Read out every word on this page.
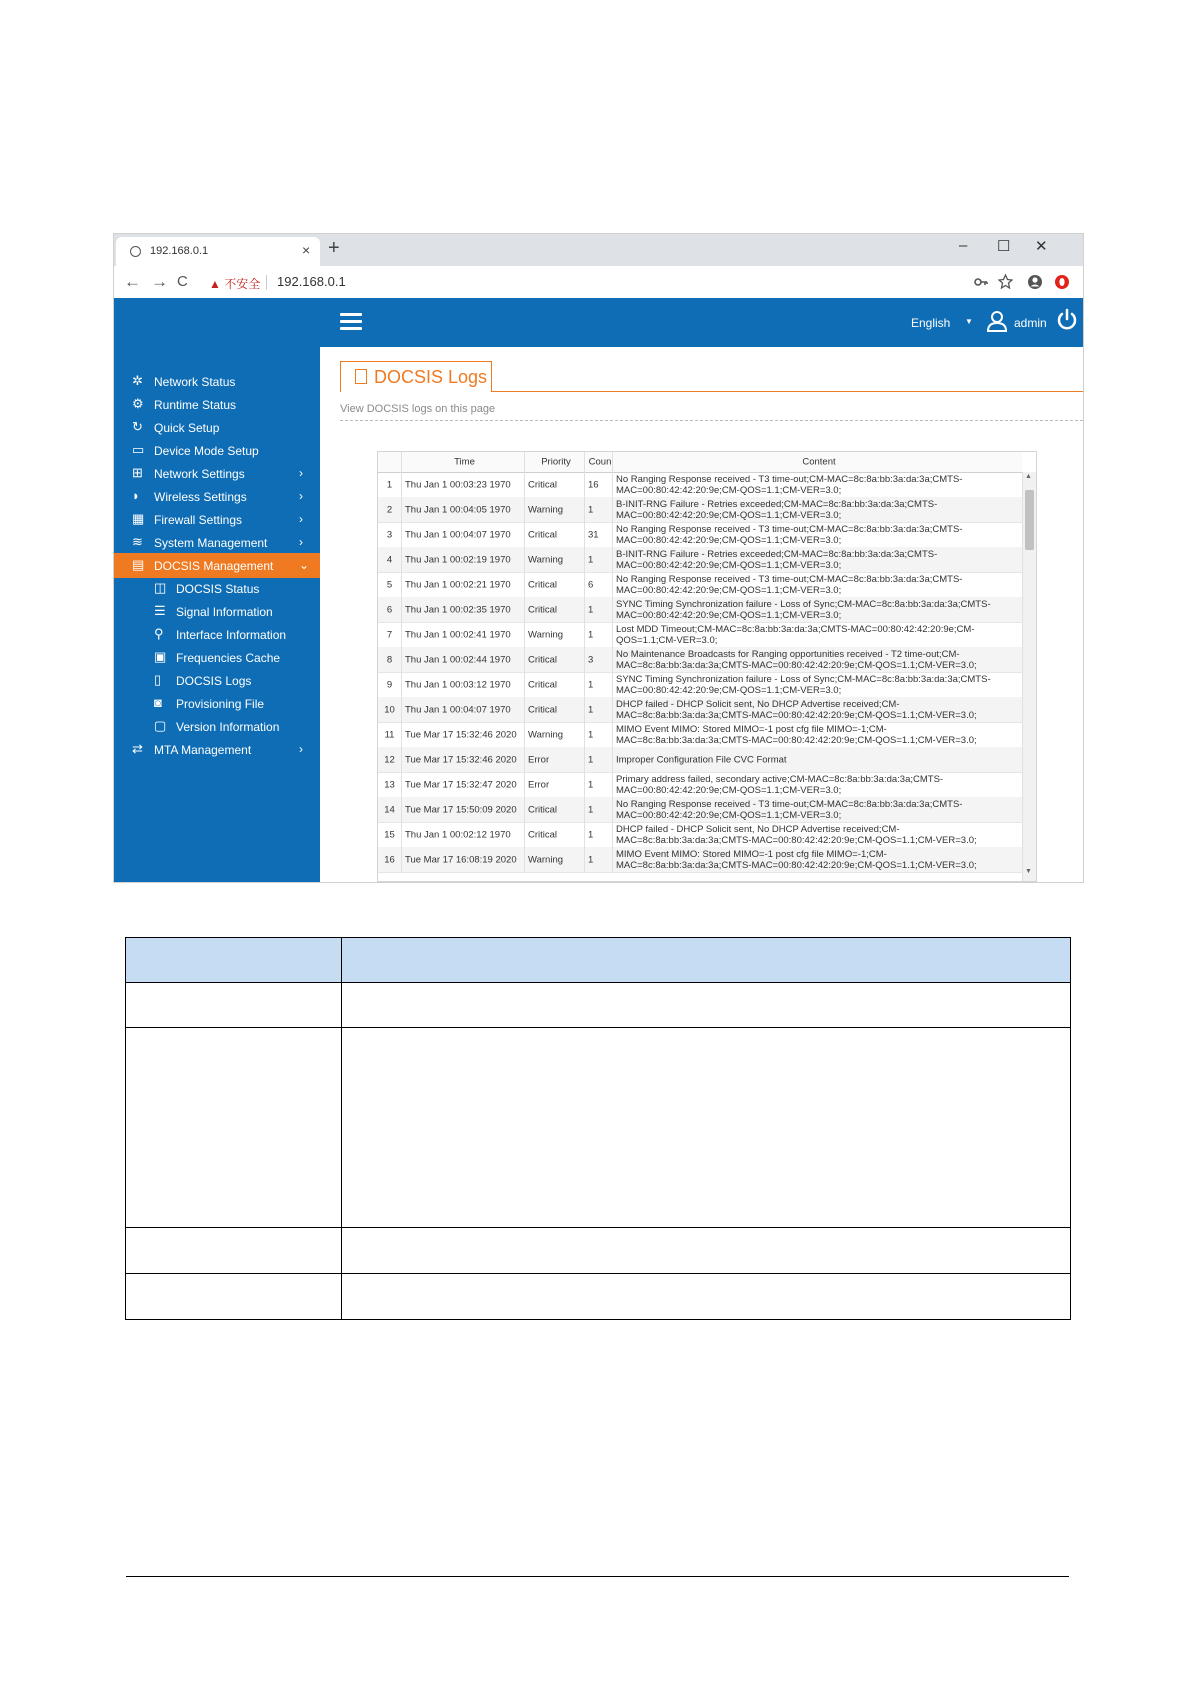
192.168.0.1	× +	– ☐ ✕
← → C ▲ 不安全 192.168.0.1
English ▼	admin
✲ Network Status
⚙ Runtime Status
↻ Quick Setup
▭ Device Mode Setup
⊞ Network Settings	›
◗	Wireless Settings	›
▦ Firewall Settings	›
≋ System Management	›
▤ DOCSIS Management ⌄
◫ DOCSIS Status
☰ Signal Information
⚲	Interface Information
▣ Frequencies Cache
▯	DOCSIS Logs
◙	Provisioning File
▢ Version Information
⇄ MTA Management	›
DOCSIS Logs
View DOCSIS logs on this page
▲
▼
Time	Priority	Coun	Content
1	Thu Jan 1 00:03:23 1970	Critical	16	No Ranging Response received - T3 time-out;CM-MAC=8c:8a:bb:3a:da:3a;CMTS-MAC=00:80:42:42:20:9e;CM-QOS=1.1;CM-VER=3.0;
2	Thu Jan 1 00:04:05 1970	Warning	1	B-INIT-RNG Failure - Retries exceeded;CM-MAC=8c:8a:bb:3a:da:3a;CMTS-MAC=00:80:42:42:20:9e;CM-QOS=1.1;CM-VER=3.0;
3	Thu Jan 1 00:04:07 1970	Critical	31	No Ranging Response received - T3 time-out;CM-MAC=8c:8a:bb:3a:da:3a;CMTS-MAC=00:80:42:42:20:9e;CM-QOS=1.1;CM-VER=3.0;
4	Thu Jan 1 00:02:19 1970	Warning	1	B-INIT-RNG Failure - Retries exceeded;CM-MAC=8c:8a:bb:3a:da:3a;CMTS-MAC=00:80:42:42:20:9e;CM-QOS=1.1;CM-VER=3.0;
5	Thu Jan 1 00:02:21 1970	Critical	6	No Ranging Response received - T3 time-out;CM-MAC=8c:8a:bb:3a:da:3a;CMTS-MAC=00:80:42:42:20:9e;CM-QOS=1.1;CM-VER=3.0;
6	Thu Jan 1 00:02:35 1970	Critical	1	SYNC Timing Synchronization failure - Loss of Sync;CM-MAC=8c:8a:bb:3a:da:3a;CMTS-MAC=00:80:42:42:20:9e;CM-QOS=1.1;CM-VER=3.0;
7	Thu Jan 1 00:02:41 1970	Warning	1	Lost MDD Timeout;CM-MAC=8c:8a:bb:3a:da:3a;CMTS-MAC=00:80:42:42:20:9e;CM-QOS=1.1;CM-VER=3.0;
8	Thu Jan 1 00:02:44 1970	Critical	3	No Maintenance Broadcasts for Ranging opportunities received - T2 time-out;CM-MAC=8c:8a:bb:3a:da:3a;CMTS-MAC=00:80:42:42:20:9e;CM-QOS=1.1;CM-VER=3.0;
9	Thu Jan 1 00:03:12 1970	Critical	1	SYNC Timing Synchronization failure - Loss of Sync;CM-MAC=8c:8a:bb:3a:da:3a;CMTS-MAC=00:80:42:42:20:9e;CM-QOS=1.1;CM-VER=3.0;
10	Thu Jan 1 00:04:07 1970	Critical	1	DHCP failed - DHCP Solicit sent, No DHCP Advertise received;CM-MAC=8c:8a:bb:3a:da:3a;CMTS-MAC=00:80:42:42:20:9e;CM-QOS=1.1;CM-VER=3.0;
11	Tue Mar 17 15:32:46 2020	Warning	1	MIMO Event MIMO: Stored MIMO=-1 post cfg file MIMO=-1;CM-MAC=8c:8a:bb:3a:da:3a;CMTS-MAC=00:80:42:42:20:9e;CM-QOS=1.1;CM-VER=3.0;
12	Tue Mar 17 15:32:46 2020	Error	1	Improper Configuration File CVC Format
13	Tue Mar 17 15:32:47 2020	Error	1	Primary address failed, secondary active;CM-MAC=8c:8a:bb:3a:da:3a;CMTS-MAC=00:80:42:42:20:9e;CM-QOS=1.1;CM-VER=3.0;
14	Tue Mar 17 15:50:09 2020	Critical	1	No Ranging Response received - T3 time-out;CM-MAC=8c:8a:bb:3a:da:3a;CMTS-MAC=00:80:42:42:20:9e;CM-QOS=1.1;CM-VER=3.0;
15	Thu Jan 1 00:02:12 1970	Critical	1	DHCP failed - DHCP Solicit sent, No DHCP Advertise received;CM-MAC=8c:8a:bb:3a:da:3a;CMTS-MAC=00:80:42:42:20:9e;CM-QOS=1.1;CM-VER=3.0;
16	Tue Mar 17 16:08:19 2020	Warning	1	MIMO Event MIMO: Stored MIMO=-1 post cfg file MIMO=-1;CM-MAC=8c:8a:bb:3a:da:3a;CMTS-MAC=00:80:42:42:20:9e;CM-QOS=1.1;CM-VER=3.0;
